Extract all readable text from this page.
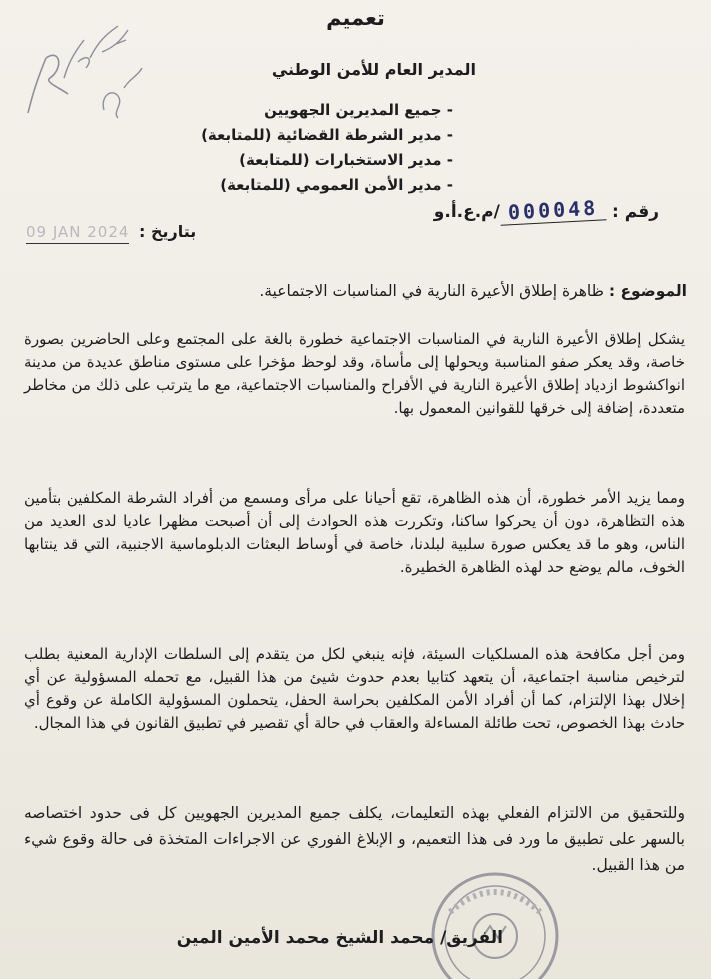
تعميم
المدير العام للأمن الوطني
- جميع المديرين الجهويين
- مدير الشرطة القضائية (للمتابعة)
- مدير الاستخبارات (للمتابعة)
- مدير الأمن العمومي (للمتابعة)
رقم : 000048/م.ع.أ.و
09 JAN 2024 بتاريخ :
الموضوع : ظاهرة إطلاق الأعيرة النارية في المناسبات الاجتماعية.

يشكل إطلاق الأعيرة النارية في المناسبات الاجتماعية خطورة بالغة على المجتمع وعلى الحاضرين بصورة خاصة، وقد يعكر صفو المناسبة ويحولها إلى مأساة، وقد لوحظ مؤخرا على مستوى مناطق عديدة من مدينة انواكشوط ازدياد إطلاق الأعيرة النارية في الأفراح والمناسبات الاجتماعية، مع ما يترتب على ذلك من مخاطر متعددة، إضافة إلى خرقها للقوانين المعمول بها.

ومما يزيد الأمر خطورة، أن هذه الظاهرة، تقع أحيانا على مرأى ومسمع من أفراد الشرطة المكلفين بتأمين هذه التظاهرة، دون أن يحركوا ساكنا، وتكررت هذه الحوادث إلى أن أصبحت مظهرا عاديا لدى العديد من الناس، وهو ما قد يعكس صورة سلبية لبلدنا، خاصة في أوساط البعثات الدبلوماسية الاجنبية، التي قد ينتابها الخوف، مالم يوضع حد لهذه الظاهرة الخطيرة.

ومن أجل مكافحة هذه المسلكيات السيئة، فإنه ينبغي لكل من يتقدم إلى السلطات الإدارية المعنية بطلب لترخيص مناسبة اجتماعية، أن يتعهد كتابيا بعدم حدوث شيئ من هذا القبيل، مع تحمله المسؤولية عن أي إخلال بهذا الإلتزام، كما أن أفراد الأمن المكلفين بحراسة الحفل، يتحملون المسؤولية الكاملة عن وقوع أي حادث بهذا الخصوص، تحت طائلة المساءلة والعقاب في حالة أي تقصير في تطبيق القانون في هذا المجال.

وللتحقيق من الالتزام الفعلي بهذه التعليمات، يكلف جميع المديرين الجهويين كل فى حدود اختصاصه بالسهر على تطبيق ما ورد فى هذا التعميم، و الإبلاغ الفوري عن الاجراءات المتخذة فى حالة وقوع شيء من هذا القبيل.

الفريق/ محمد الشيخ محمد الأمين المين
